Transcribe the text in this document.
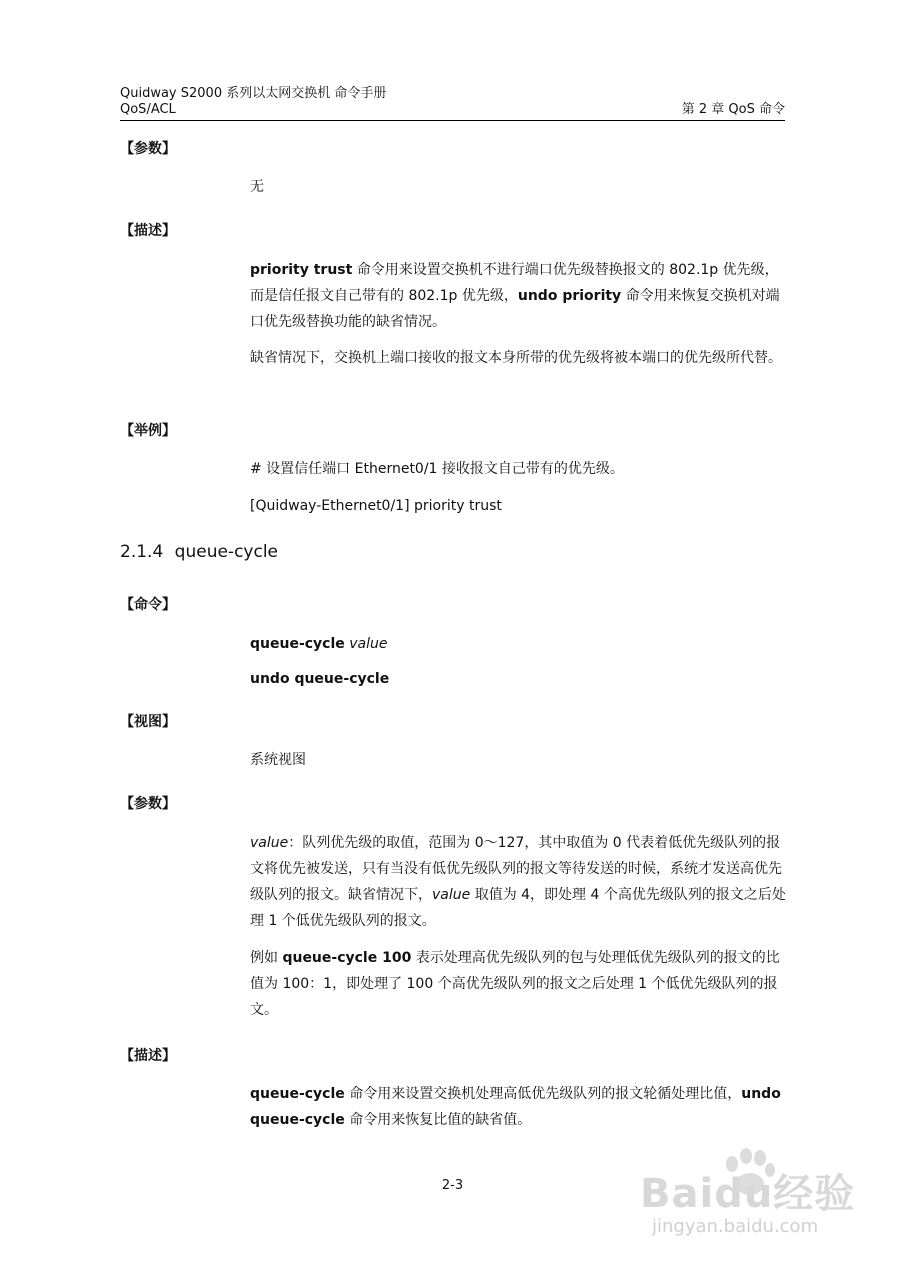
Quidway S2000 系列以太网交换机 命令手册
QoS/ACL	第 2 章 QoS 命令

【参数】

无

【描述】

priority trust 命令用来设置交换机不进行端口优先级替换报文的 802.1p 优先级，而是信任报文自己带有的 802.1p 优先级，undo priority 命令用来恢复交换机对端口优先级替换功能的缺省情况。

缺省情况下，交换机上端口接收的报文本身所带的优先级将被本端口的优先级所代替。

【举例】

# 设置信任端口 Ethernet0/1 接收报文自己带有的优先级。

[Quidway-Ethernet0/1] priority trust

2.1.4 queue-cycle

【命令】

queue-cycle value

undo queue-cycle

【视图】

系统视图

【参数】

value：队列优先级的取值，范围为 0～127，其中取值为 0 代表着低优先级队列的报文将优先被发送，只有当没有低优先级队列的报文等待发送的时候，系统才发送高优先级队列的报文。缺省情况下，value 取值为 4，即处理 4 个高优先级队列的报文之后处理 1 个低优先级队列的报文。

例如 queue-cycle 100 表示处理高优先级队列的包与处理低优先级队列的报文的比值为 100：1，即处理了 100 个高优先级队列的报文之后处理 1 个低优先级队列的报文。

【描述】

queue-cycle 命令用来设置交换机处理高低优先级队列的报文轮循处理比值，undo queue-cycle 命令用来恢复比值的缺省值。

2-3	Baidu经验
jingyan.baidu.com
